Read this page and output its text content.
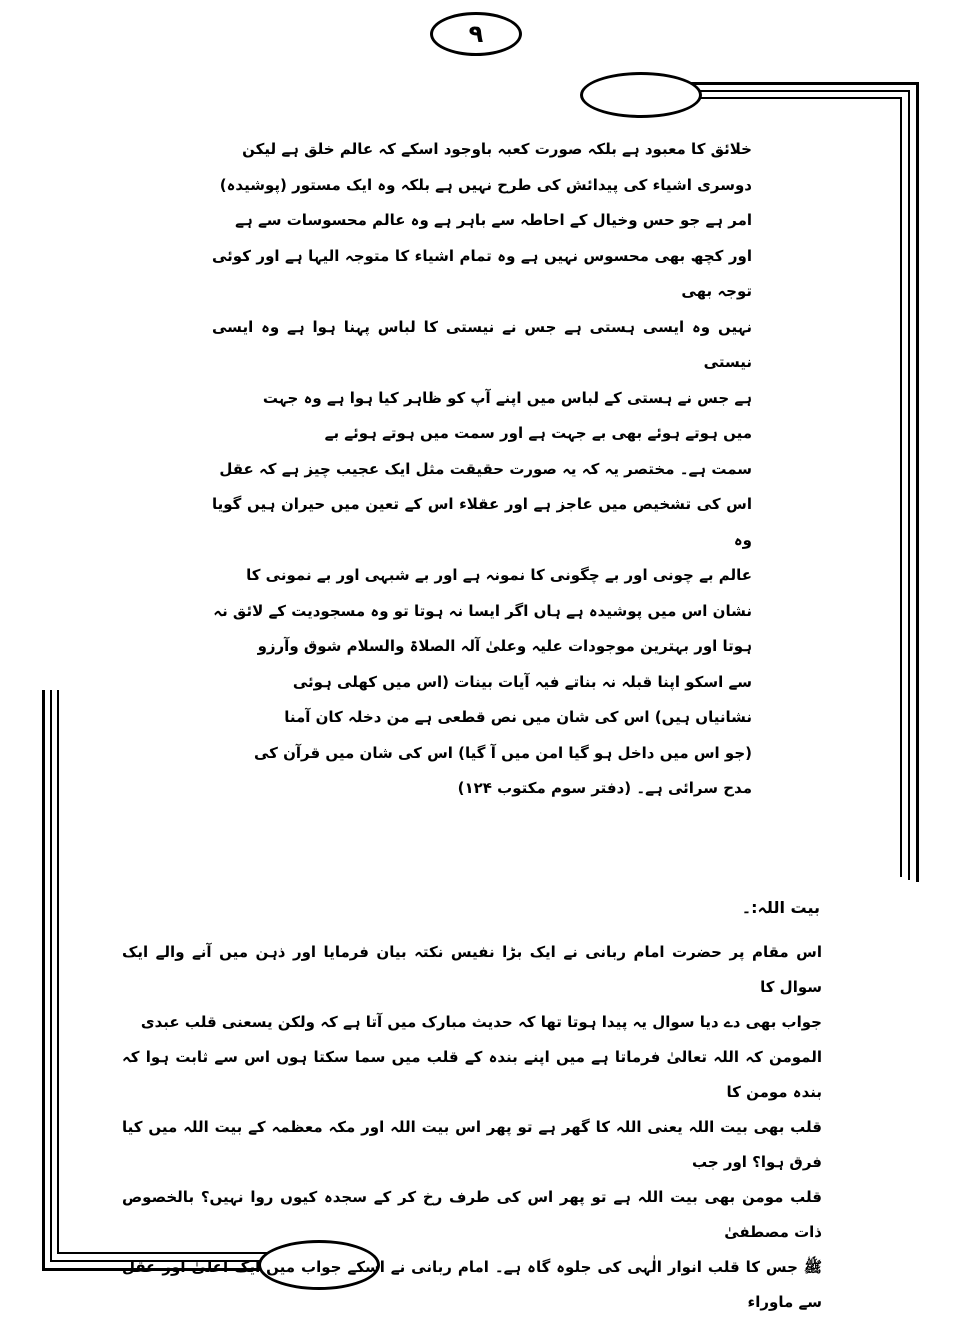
۹

خلائق کا معبود ہے بلکہ صورت کعبہ باوجود اسکے کہ عالم خلق ہے لیکن

دوسری اشیاء کی پیدائش کی طرح نہیں ہے بلکہ وہ ایک مستور (پوشیدہ)

امر ہے جو حس وخیال کے احاطہ سے باہر ہے وہ عالم محسوسات سے ہے

اور کچھ بھی محسوس نہیں ہے وہ تمام اشیاء کا متوجہ الیہا ہے اور کوئی توجہ بھی

نہیں وہ ایسی ہستی ہے جس نے نیستی کا لباس پہنا ہوا ہے وہ ایسی نیستی

ہے جس نے ہستی کے لباس میں اپنے آپ کو ظاہر کیا ہوا ہے وہ جہت

میں ہوتے ہوئے بھی بے جہت ہے اور سمت میں ہوتے ہوئے بے

سمت ہے۔ مختصر یہ کہ یہ صورت حقیقت مثل ایک عجیب چیز ہے کہ عقل

اس کی تشخیص میں عاجز ہے اور عقلاء اس کے تعین میں حیران ہیں گویا وہ

عالم بے چونی اور بے چگونی کا نمونہ ہے اور بے شبہی اور بے نمونی کا

نشان اس میں پوشیدہ ہے ہاں اگر ایسا نہ ہوتا تو وہ مسجودیت کے لائق نہ

ہوتا اور بہترین موجودات علیہ وعلیٰ آلہ الصلاۃ والسلام شوق وآرزو

سے اسکو اپنا قبلہ نہ بناتے فیہ آیات بینات (اس میں کھلی ہوئی

نشانیاں ہیں) اس کی شان میں نص قطعی ہے من دخلہ کان آمنا

(جو اس میں داخل ہو گیا امن میں آ گیا) اس کی شان میں قرآن کی

مدح سرائی ہے۔ (دفتر سوم مکتوب ۱۲۴)

بیت اللہ:۔

اس مقام پر حضرت امام ربانی نے ایک بڑا نفیس نکتہ بیان فرمایا اور ذہن میں آنے والے ایک سوال کا

جواب بھی دے دیا سوال یہ پیدا ہوتا تھا کہ حدیث مبارک میں آتا ہے کہ ولکن یسعنی قلب عبدی

المومن کہ اللہ تعالیٰ فرماتا ہے میں اپنے بندہ کے قلب میں سما سکتا ہوں اس سے ثابت ہوا کہ بندہ مومن کا

قلب بھی بیت اللہ یعنی اللہ کا گھر ہے تو پھر اس بیت اللہ اور مکہ معظمہ کے بیت اللہ میں کیا فرق ہوا؟ اور جب

قلب مومن بھی بیت اللہ ہے تو پھر اس کی طرف رخ کر کے سجدہ کیوں روا نہیں؟ بالخصوص ذات مصطفیٰ

ﷺ جس کا قلب انوار الٰہی کی جلوہ گاہ ہے۔ امام ربانی نے اسکے جواب میں ایک اعلیٰ اور عقل سے ماوراء
